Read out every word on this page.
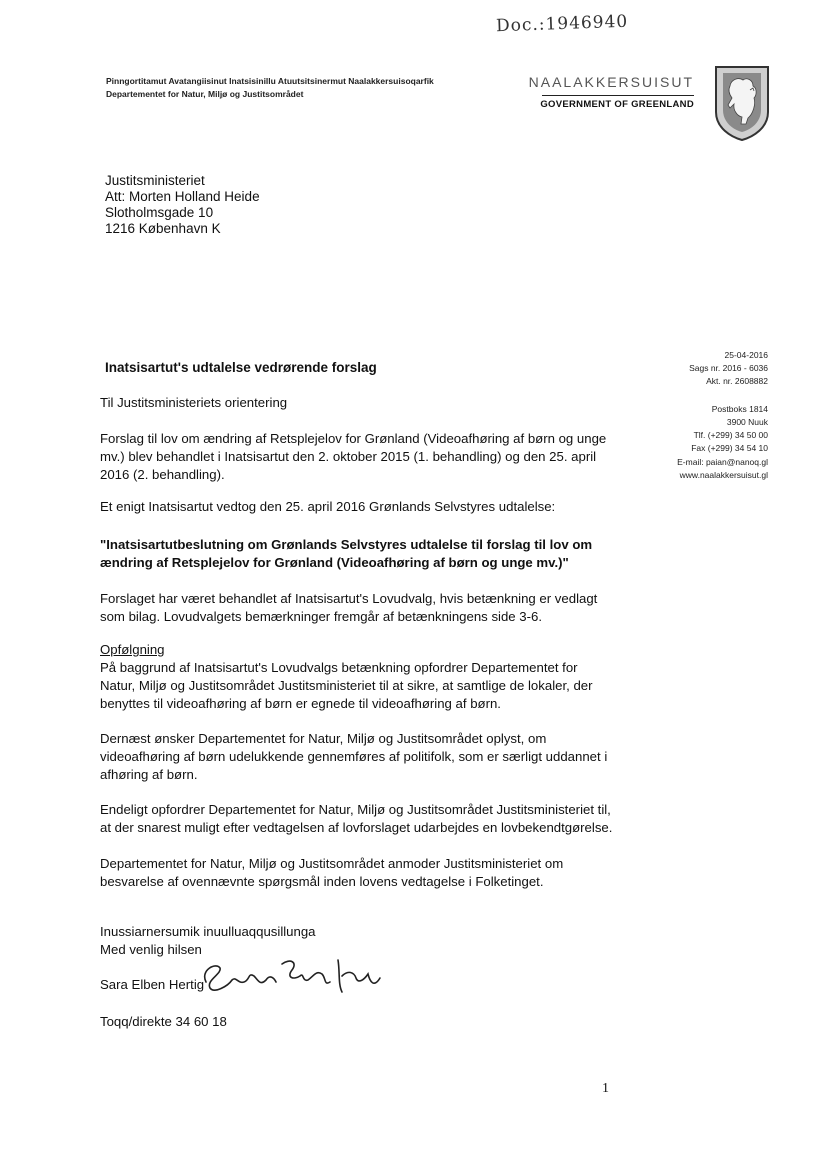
Doc.:1946940
Pinngortitamut Avatangiisinut Inatsisinillu Atuutsitsinermut Naalakkersuisoqarfik
Departementet for Natur, Miljø og Justitsområdet
NAALAKKERSUISUT
GOVERNMENT OF GREENLAND
Justitsministeriet
Att: Morten Holland Heide
Slotholmsgade 10
1216 København K
Inatsisartut's udtalelse vedrørende forslag
25-04-2016
Sags nr. 2016 - 6036
Akt. nr. 2608882
Postboks 1814
3900 Nuuk
Tlf. (+299) 34 50 00
Fax (+299) 34 54 10
E-mail: paian@nanoq.gl
www.naalakkersuisut.gl
Til Justitsministeriets orientering
Forslag til lov om ændring af Retsplejelov for Grønland (Videoafhøring af børn og unge mv.) blev behandlet i Inatsisartut den 2. oktober 2015 (1. behandling) og den 25. april 2016 (2. behandling).
Et enigt Inatsisartut vedtog den 25. april 2016 Grønlands Selvstyres udtalelse:
"Inatsisartutbeslutning om Grønlands Selvstyres udtalelse til forslag til lov om ændring af Retsplejelov for Grønland (Videoafhøring af børn og unge mv.)"
Forslaget har været behandlet af Inatsisartut's Lovudvalg, hvis betænkning er vedlagt som bilag. Lovudvalgets bemærkninger fremgår af betænkningens side 3-6.
Opfølgning
På baggrund af Inatsisartut's Lovudvalgs betænkning opfordrer Departementet for Natur, Miljø og Justitsområdet Justitsministeriet til at sikre, at samtlige de lokaler, der benyttes til videoafhøring af børn er egnede til videoafhøring af børn.
Dernæst ønsker Departementet for Natur, Miljø og Justitsområdet oplyst, om videoafhøring af børn udelukkende gennemføres af politifolk, som er særligt uddannet i afhøring af børn.
Endeligt opfordrer Departementet for Natur, Miljø og Justitsområdet Justitsministeriet til, at der snarest muligt efter vedtagelsen af lovforslaget udarbejdes en lovbekendtgørelse.
Departementet for Natur, Miljø og Justitsområdet anmoder Justitsministeriet om besvarelse af ovennævnte spørgsmål inden lovens vedtagelse i Folketinget.
Inussiarnersumik inuulluaqqusillunga
Med venlig hilsen
Sara Elben Hertig
Toqq/direkte 34 60 18
1
